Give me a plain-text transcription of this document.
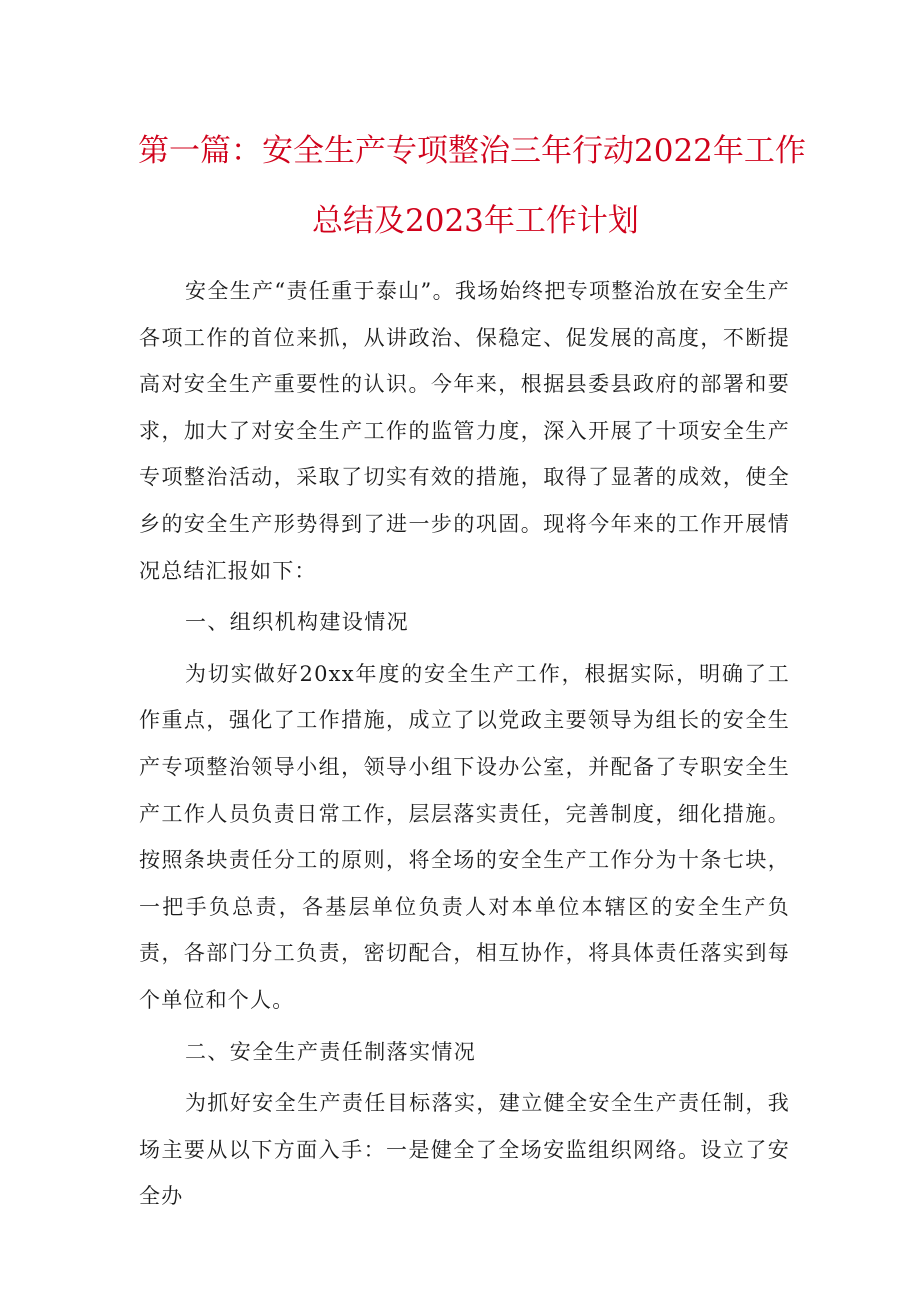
第一篇：安全生产专项整治三年行动2022年工作
总结及2023年工作计划

安全生产“责任重于泰山”。我场始终把专项整治放在安全生产各项工作的首位来抓，从讲政治、保稳定、促发展的高度，不断提高对安全生产重要性的认识。今年来，根据县委县政府的部署和要求，加大了对安全生产工作的监管力度，深入开展了十项安全生产专项整治活动，采取了切实有效的措施，取得了显著的成效，使全乡的安全生产形势得到了进一步的巩固。现将今年来的工作开展情况总结汇报如下：

一、组织机构建设情况

为切实做好20xx年度的安全生产工作，根据实际，明确了工作重点，强化了工作措施，成立了以党政主要领导为组长的安全生产专项整治领导小组，领导小组下设办公室，并配备了专职安全生产工作人员负责日常工作，层层落实责任，完善制度，细化措施。按照条块责任分工的原则，将全场的安全生产工作分为十条七块，一把手负总责，各基层单位负责人对本单位本辖区的安全生产负责，各部门分工负责，密切配合，相互协作，将具体责任落实到每个单位和个人。

二、安全生产责任制落实情况

为抓好安全生产责任目标落实，建立健全安全生产责任制，我场主要从以下方面入手：一是健全了全场安监组织网络。设立了安全办
